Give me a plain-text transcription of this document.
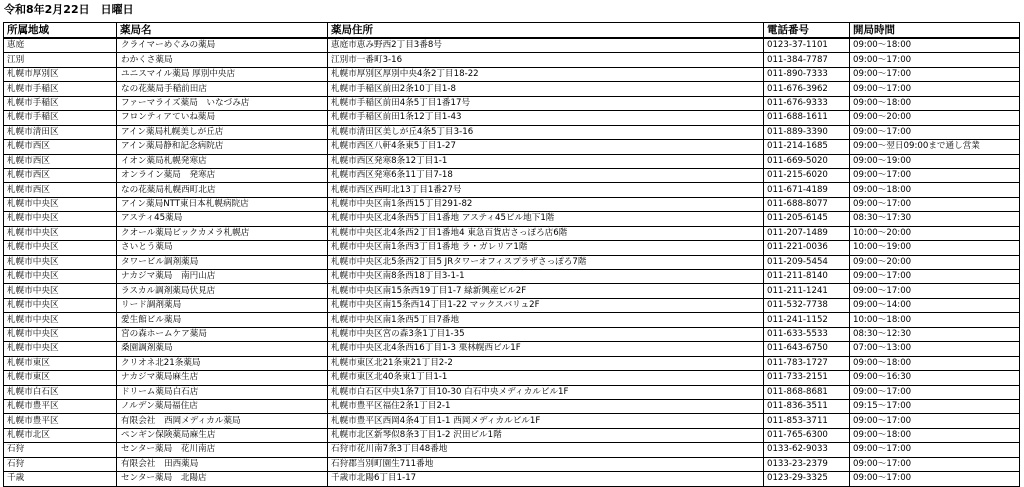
令和8年2月22日　日曜日
所属地域	薬局名	薬局住所	電話番号	開局時間
恵庭	クライマーめぐみの薬局	恵庭市恵み野西2丁目3番8号	0123-37-1101	09:00～18:00
江別	わかくさ薬局	江別市一番町3-16	011-384-7787	09:00～17:00
札幌市厚別区	ユニスマイル薬局 厚別中央店	札幌市厚別区厚別中央4条2丁目18-22	011-890-7333	09:00～17:00
札幌市手稲区	なの花薬局手稲前田店	札幌市手稲区前田2条10丁目1-8	011-676-3962	09:00～17:00
札幌市手稲区	ファーマライズ薬局　いなづみ店	札幌市手稲区前田4条5丁目1番17号	011-676-9333	09:00～18:00
札幌市手稲区	フロンティアていね薬局	札幌市手稲区前田1条12丁目1-43	011-688-1611	09:00～20:00
札幌市清田区	アイン薬局札幌美しが丘店	札幌市清田区美しが丘4条5丁目3-16	011-889-3390	09:00～17:00
札幌市西区	アイン薬局静和記念病院店	札幌市西区八軒4条東5丁目1-27	011-214-1685	09:00～翌日09:00まで通し営業
札幌市西区	イオン薬局札幌発寒店	札幌市西区発寒8条12丁目1-1	011-669-5020	09:00～19:00
札幌市西区	オンライン薬局　発寒店	札幌市西区発寒6条11丁目7-18	011-215-6020	09:00～17:00
札幌市西区	なの花薬局札幌西町北店	札幌市西区西町北13丁目1番27号	011-671-4189	09:00～18:00
札幌市中央区	アイン薬局NTT東日本札幌病院店	札幌市中央区南1条西15丁目291-82	011-688-8077	09:00～17:00
札幌市中央区	アスティ45薬局	札幌市中央区北4条西5丁目1番地 アスティ45ビル地下1階	011-205-6145	08:30～17:30
札幌市中央区	クオール薬局ビックカメラ札幌店	札幌市中央区北4条西2丁目1番地4 東急百貨店さっぽろ店6階	011-207-1489	10:00～20:00
札幌市中央区	さいとう薬局	札幌市中央区南1条西3丁目1番地 ラ・ガレリア1階	011-221-0036	10:00～19:00
札幌市中央区	タワービル調剤薬局	札幌市中央区北5条西2丁目5 JRタワーオフィスプラザさっぽろ7階	011-209-5454	09:00～20:00
札幌市中央区	ナカジマ薬局　南円山店	札幌市中央区南8条西18丁目3-1-1	011-211-8140	09:00～17:00
札幌市中央区	ラスカル調剤薬局伏見店	札幌市中央区南15条西19丁目1-7 緑新興産ビル2F	011-211-1241	09:00～17:00
札幌市中央区	リード調剤薬局	札幌市中央区南15条西14丁目1-22 マックスバリュ2F	011-532-7738	09:00～14:00
札幌市中央区	愛生館ビル薬局	札幌市中央区南1条西5丁目7番地	011-241-1152	10:00～18:00
札幌市中央区	宮の森ホームケア薬局	札幌市中央区宮の森3条1丁目1-35	011-633-5533	08:30～12:30
札幌市中央区	桑園調剤薬局	札幌市中央区北4条西16丁目1-3 栗林幌西ビル1F	011-643-6750	07:00～13:00
札幌市東区	クリオネ北21条薬局	札幌市東区北21条東21丁目2-2	011-783-1727	09:00～18:00
札幌市東区	ナカジマ薬局麻生店	札幌市東区北40条東1丁目1-1	011-733-2151	09:00～16:30
札幌市白石区	ドリーム薬局白石店	札幌市白石区中央1条7丁目10-30 白石中央メディカルビル1F	011-868-8681	09:00～17:00
札幌市豊平区	ノルデン薬局福住店	札幌市豊平区福住2条1丁目2-1	011-836-3511	09:15～17:00
札幌市豊平区	有限会社　西岡メディカル薬局	札幌市豊平区西岡4条4丁目1-1 西岡メディカルビル1F	011-853-3711	09:00～17:00
札幌市北区	ペンギン保険薬局麻生店	札幌市北区新琴似8条3丁目1-2 沢田ビル1階	011-765-6300	09:00～18:00
石狩	センター薬局　花川南店	石狩市花川南7条3丁目48番地	0133-62-9033	09:00～17:00
石狩	有限会社　田西薬局	石狩郡当別町園生711番地	0133-23-2379	09:00～17:00
千歳	センター薬局　北陽店	千歳市北陽6丁目1-17	0123-29-3325	09:00～17:00
